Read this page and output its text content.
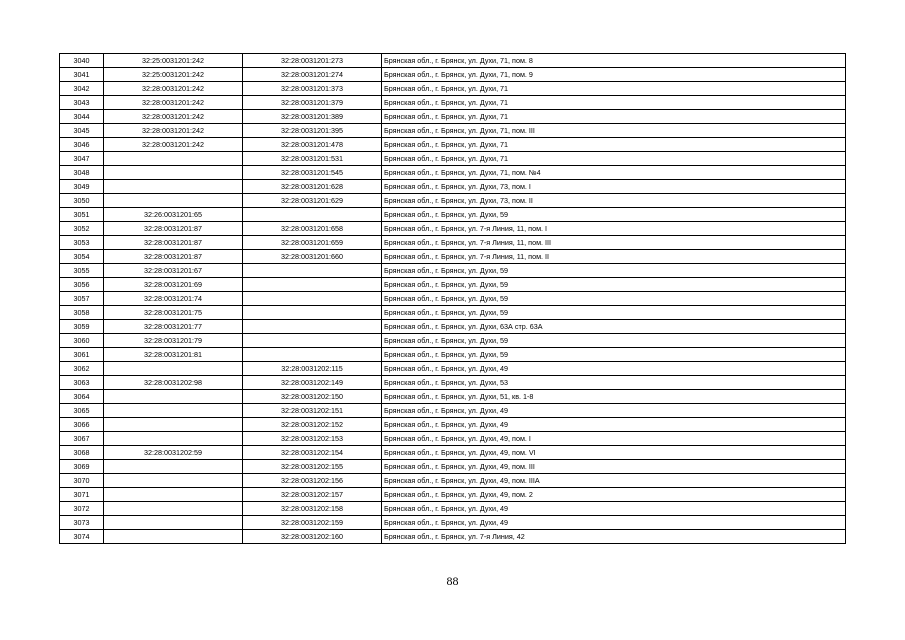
3040	32:25:0031201:242	32:28:0031201:273	Брянская обл., г. Брянск, ул. Духи, 71, пом. 8
3041	32:25:0031201:242	32:28:0031201:274	Брянская обл., г. Брянск, ул. Духи, 71, пом. 9
3042	32:28:0031201:242	32:28:0031201:373	Брянская обл., г. Брянск, ул. Духи, 71
3043	32:28:0031201:242	32:28:0031201:379	Брянская обл., г. Брянск, ул. Духи, 71
3044	32:28:0031201:242	32:28:0031201:389	Брянская обл., г. Брянск, ул. Духи, 71
3045	32:28:0031201:242	32:28:0031201:395	Брянская обл., г. Брянск, ул. Духи, 71, пом. III
3046	32:28:0031201:242	32:28:0031201:478	Брянская обл., г. Брянск, ул. Духи, 71
3047		32:28:0031201:531	Брянская обл., г. Брянск, ул. Духи, 71
3048		32:28:0031201:545	Брянская обл., г. Брянск, ул. Духи, 71, пом. №4
3049		32:28:0031201:628	Брянская обл., г. Брянск, ул. Духи, 73, пом. I
3050		32:28:0031201:629	Брянская обл., г. Брянск, ул. Духи, 73, пом. II
3051	32:26:0031201:65		Брянская обл., г. Брянск, ул. Духи, 59
3052	32:28:0031201:87	32:28:0031201:658	Брянская обл., г. Брянск, ул. 7-я Линия, 11, пом. I
3053	32:28:0031201:87	32:28:0031201:659	Брянская обл., г. Брянск, ул. 7-я Линия, 11, пом. III
3054	32:28:0031201:87	32:28:0031201:660	Брянская обл., г. Брянск, ул. 7-я Линия, 11, пом. II
3055	32:28:0031201:67		Брянская обл., г. Брянск, ул. Духи, 59
3056	32:28:0031201:69		Брянская обл., г. Брянск, ул. Духи, 59
3057	32:28:0031201:74		Брянская обл., г. Брянск, ул. Духи, 59
3058	32:28:0031201:75		Брянская обл., г. Брянск, ул. Духи, 59
3059	32:28:0031201:77		Брянская обл., г. Брянск, ул. Духи, 63А стр. 63А
3060	32:28:0031201:79		Брянская обл., г. Брянск, ул. Духи, 59
3061	32:28:0031201:81		Брянская обл., г. Брянск, ул. Духи, 59
3062		32:28:0031202:115	Брянская обл., г. Брянск, ул. Духи, 49
3063	32:28:0031202:98	32:28:0031202:149	Брянская обл., г. Брянск, ул. Духи, 53
3064		32:28:0031202:150	Брянская обл., г. Брянск, ул. Духи, 51, кв. 1-8
3065		32:28:0031202:151	Брянская обл., г. Брянск, ул. Духи, 49
3066		32:28:0031202:152	Брянская обл., г. Брянск, ул. Духи, 49
3067		32:28:0031202:153	Брянская обл., г. Брянск, ул. Духи, 49, пом. I
3068	32:28:0031202:59	32:28:0031202:154	Брянская обл., г. Брянск, ул. Духи, 49, пом. VI
3069		32:28:0031202:155	Брянская обл., г. Брянск, ул. Духи, 49, пом. III
3070		32:28:0031202:156	Брянская обл., г. Брянск, ул. Духи, 49, пом. IIIА
3071		32:28:0031202:157	Брянская обл., г. Брянск, ул. Духи, 49, пом. 2
3072		32:28:0031202:158	Брянская обл., г. Брянск, ул. Духи, 49
3073		32:28:0031202:159	Брянская обл., г. Брянск, ул. Духи, 49
3074		32:28:0031202:160	Брянская обл., г. Брянск, ул. 7-я Линия, 42
88
